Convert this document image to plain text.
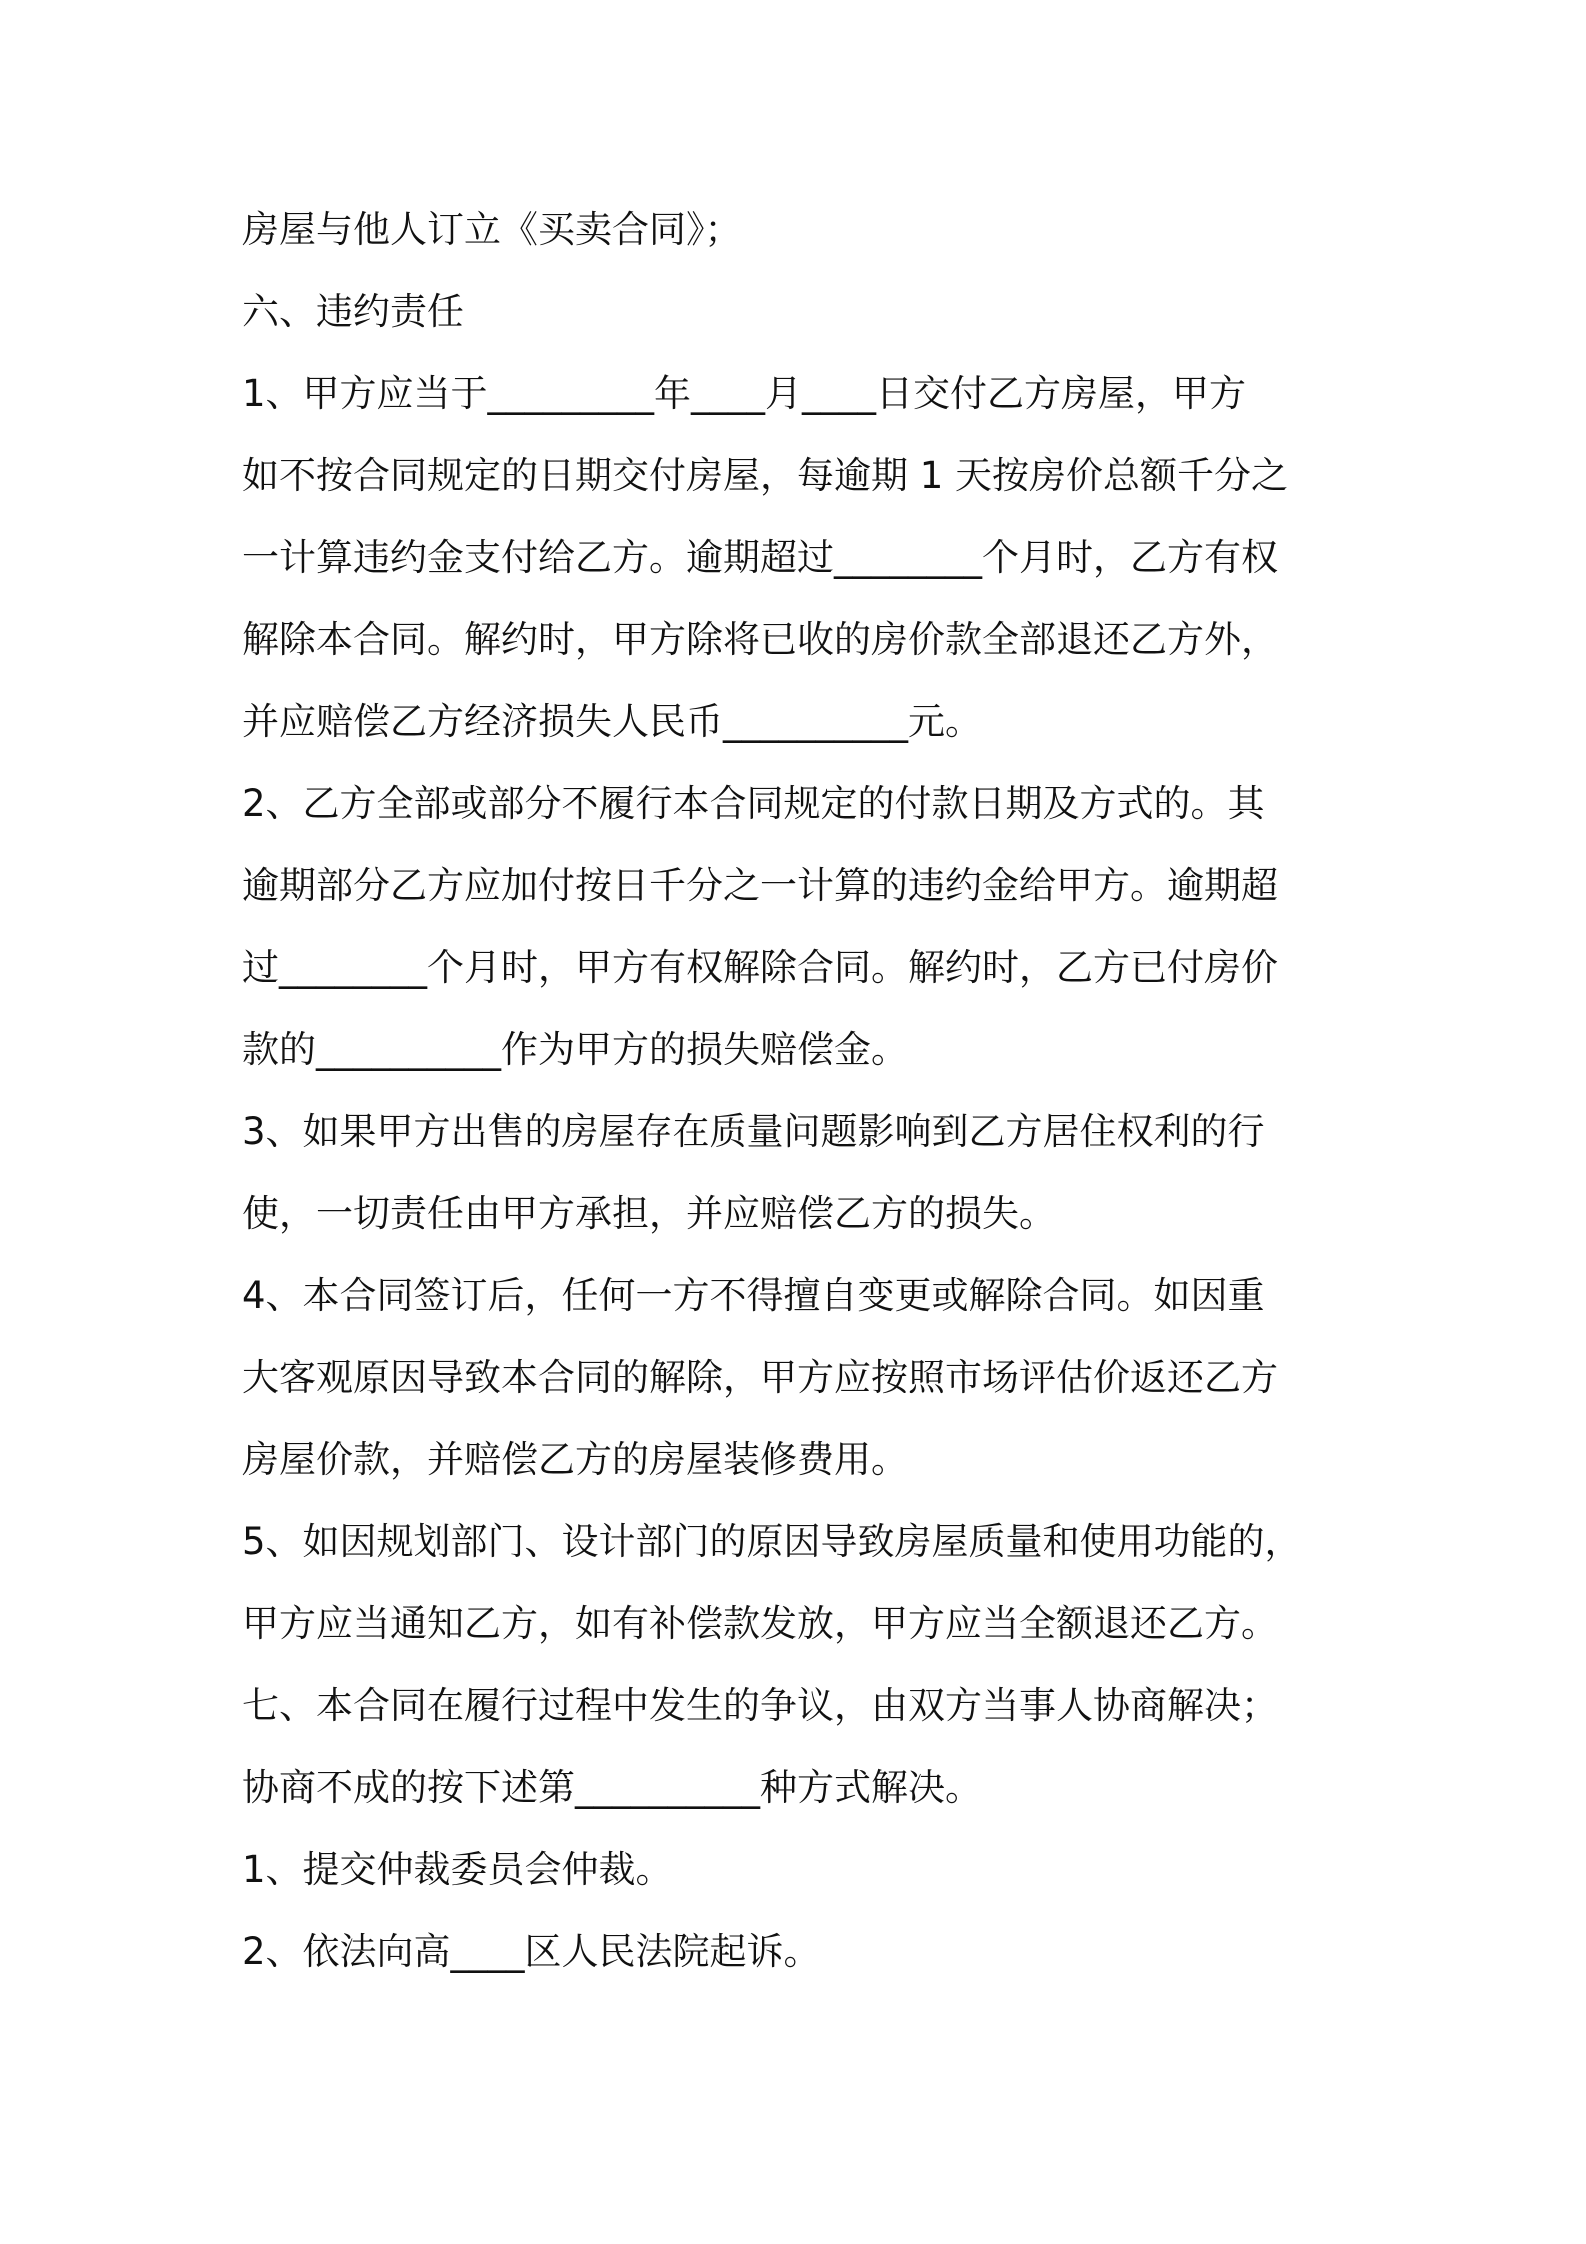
房屋与他人订立《买卖合同》；

六、违约责任

1、甲方应当于_________年____月____日交付乙方房屋，甲方

如不按合同规定的日期交付房屋，每逾期 1 天按房价总额千分之

一计算违约金支付给乙方。逾期超过________个月时，乙方有权

解除本合同。解约时，甲方除将已收的房价款全部退还乙方外，

并应赔偿乙方经济损失人民币__________元。

2、乙方全部或部分不履行本合同规定的付款日期及方式的。其

逾期部分乙方应加付按日千分之一计算的违约金给甲方。逾期超

过________个月时，甲方有权解除合同。解约时，乙方已付房价

款的__________作为甲方的损失赔偿金。

3、如果甲方出售的房屋存在质量问题影响到乙方居住权利的行

使，一切责任由甲方承担，并应赔偿乙方的损失。

4、本合同签订后，任何一方不得擅自变更或解除合同。如因重

大客观原因导致本合同的解除，甲方应按照市场评估价返还乙方

房屋价款，并赔偿乙方的房屋装修费用。

5、如因规划部门、设计部门的原因导致房屋质量和使用功能的，

甲方应当通知乙方，如有补偿款发放，甲方应当全额退还乙方。

七、本合同在履行过程中发生的争议，由双方当事人协商解决；

协商不成的按下述第__________种方式解决。

1、提交仲裁委员会仲裁。

2、依法向高____区人民法院起诉。
